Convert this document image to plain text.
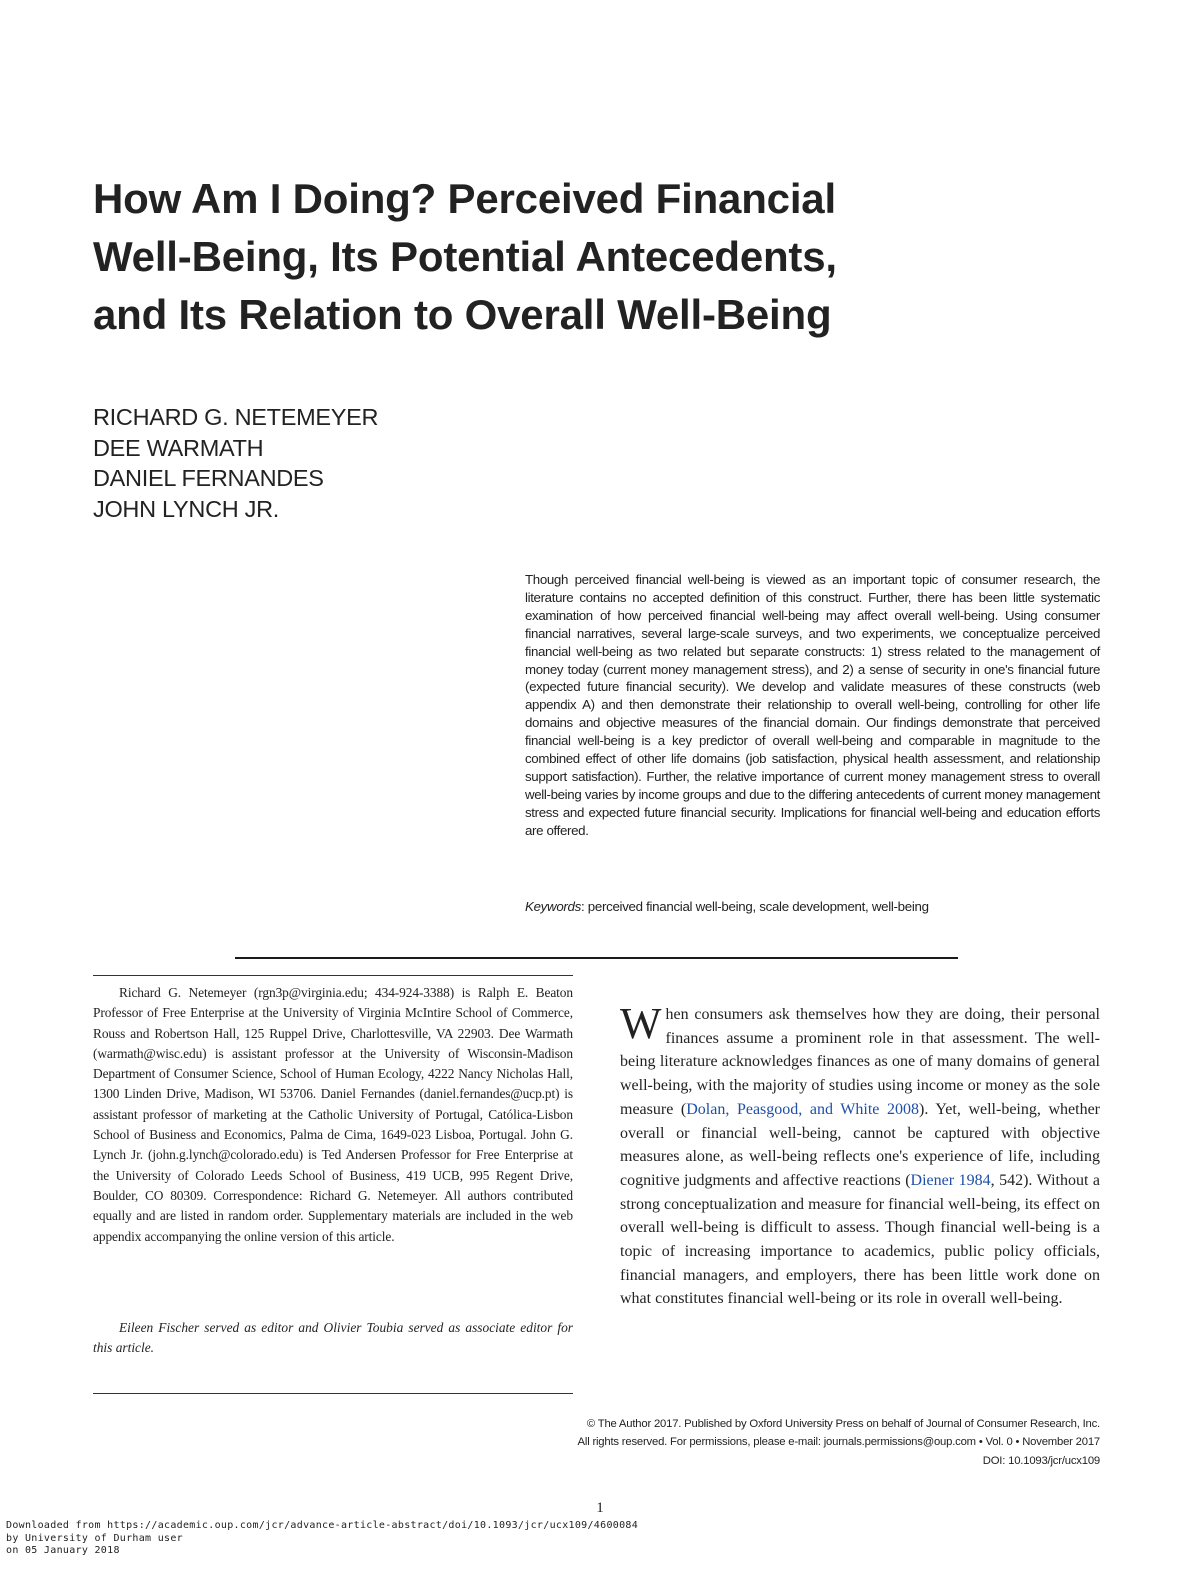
How Am I Doing? Perceived Financial
Well-Being, Its Potential Antecedents,
and Its Relation to Overall Well-Being
RICHARD G. NETEMEYER
DEE WARMATH
DANIEL FERNANDES
JOHN LYNCH JR.

Though perceived financial well-being is viewed as an important topic of consumer research, the literature contains no accepted definition of this construct. Further, there has been little systematic examination of how perceived financial well-being may affect overall well-being. Using consumer financial narratives, several large-scale surveys, and two experiments, we conceptualize perceived financial well-being as two related but separate constructs: 1) stress related to the management of money today (current money management stress), and 2) a sense of security in one's financial future (expected future financial security). We develop and validate measures of these constructs (web appendix A) and then demonstrate their relationship to overall well-being, controlling for other life domains and objective measures of the financial domain. Our findings demonstrate that perceived financial well-being is a key predictor of overall well-being and comparable in magnitude to the combined effect of other life domains (job satisfaction, physical health assessment, and relationship support satisfaction). Further, the relative importance of current money management stress to overall well-being varies by income groups and due to the differing antecedents of current money management stress and expected future financial security. Implications for financial well-being and education efforts are offered.

Keywords: perceived financial well-being, scale development, well-being

Richard G. Netemeyer (rgn3p@virginia.edu; 434-924-3388) is Ralph E. Beaton Professor of Free Enterprise at the University of Virginia McIntire School of Commerce, Rouss and Robertson Hall, 125 Ruppel Drive, Charlottesville, VA 22903. Dee Warmath (warmath@wisc.edu) is assistant professor at the University of Wisconsin-Madison Department of Consumer Science, School of Human Ecology, 4222 Nancy Nicholas Hall, 1300 Linden Drive, Madison, WI 53706. Daniel Fernandes (daniel.fernandes@ucp.pt) is assistant professor of marketing at the Catholic University of Portugal, Católica-Lisbon School of Business and Economics, Palma de Cima, 1649-023 Lisboa, Portugal. John G. Lynch Jr. (john.g.lynch@colorado.edu) is Ted Andersen Professor for Free Enterprise at the University of Colorado Leeds School of Business, 419 UCB, 995 Regent Drive, Boulder, CO 80309. Correspondence: Richard G. Netemeyer. All authors contributed equally and are listed in random order. Supplementary materials are included in the web appendix accompanying the online version of this article.

Eileen Fischer served as editor and Olivier Toubia served as associate editor for this article.

When consumers ask themselves how they are doing, their personal finances assume a prominent role in that assessment. The well-being literature acknowledges finances as one of many domains of general well-being, with the majority of studies using income or money as the sole measure (Dolan, Peasgood, and White 2008). Yet, well-being, whether overall or financial well-being, cannot be captured with objective measures alone, as well-being reflects one's experience of life, including cognitive judgments and affective reactions (Diener 1984, 542). Without a strong conceptualization and measure for financial well-being, its effect on overall well-being is difficult to assess. Though financial well-being is a topic of increasing importance to academics, public policy officials, financial managers, and employers, there has been little work done on what constitutes financial well-being or its role in overall well-being.

© The Author 2017. Published by Oxford University Press on behalf of Journal of Consumer Research, Inc.
All rights reserved. For permissions, please e-mail: journals.permissions@oup.com • Vol. 0 • November 2017
DOI: 10.1093/jcr/ucx109

1

Downloaded from https://academic.oup.com/jcr/advance-article-abstract/doi/10.1093/jcr/ucx109/4600084
by University of Durham user
on 05 January 2018
